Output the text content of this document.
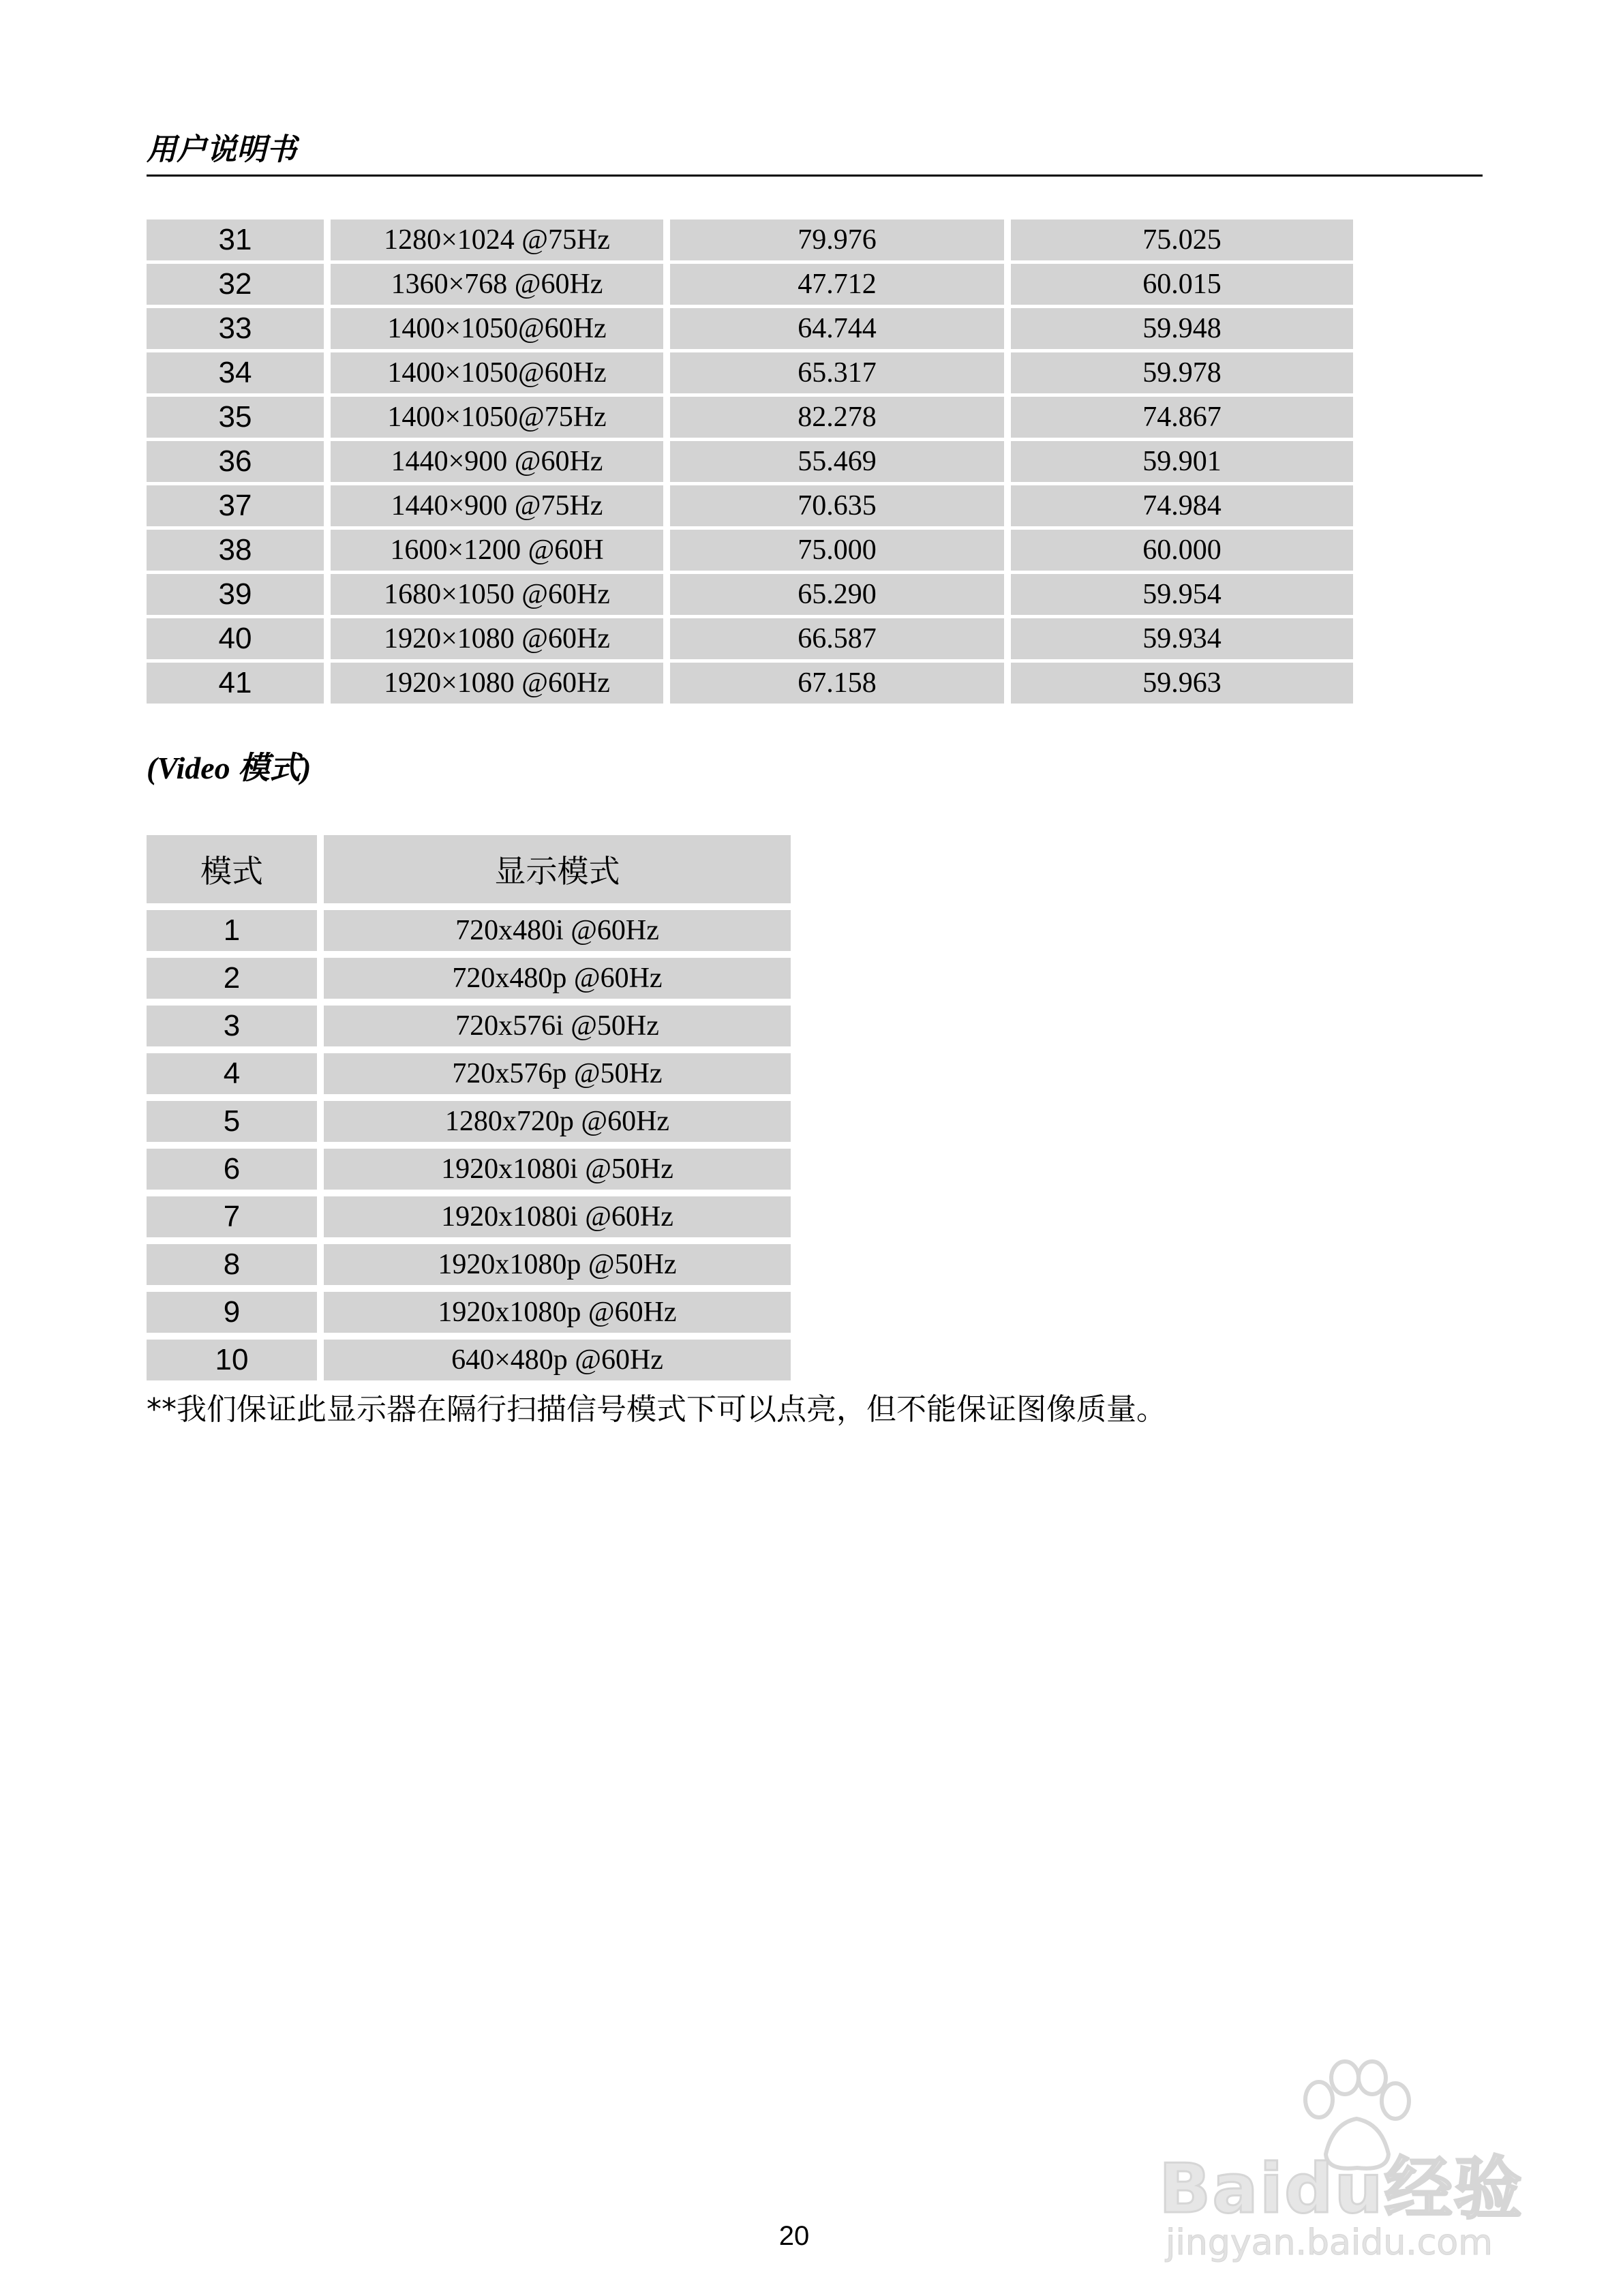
用户说明书
31	1280×1024 @75Hz	79.976	75.025
32	1360×768 @60Hz	47.712	60.015
33	1400×1050@60Hz	64.744	59.948
34	1400×1050@60Hz	65.317	59.978
35	1400×1050@75Hz	82.278	74.867
36	1440×900 @60Hz	55.469	59.901
37	1440×900 @75Hz	70.635	74.984
38	1600×1200 @60H	75.000	60.000
39	1680×1050 @60Hz	65.290	59.954
40	1920×1080 @60Hz	66.587	59.934
41	1920×1080 @60Hz	67.158	59.963
(Video 模式)
模式	显示模式
1	720x480i @60Hz
2	720x480p @60Hz
3	720x576i @50Hz
4	720x576p @50Hz
5	1280x720p @60Hz
6	1920x1080i @50Hz
7	1920x1080i @60Hz
8	1920x1080p @50Hz
9	1920x1080p @60Hz
10	640×480p @60Hz
**我们保证此显示器在隔行扫描信号模式下可以点亮，但不能保证图像质量。
20
Baidu经验
jingyan.baidu.com
